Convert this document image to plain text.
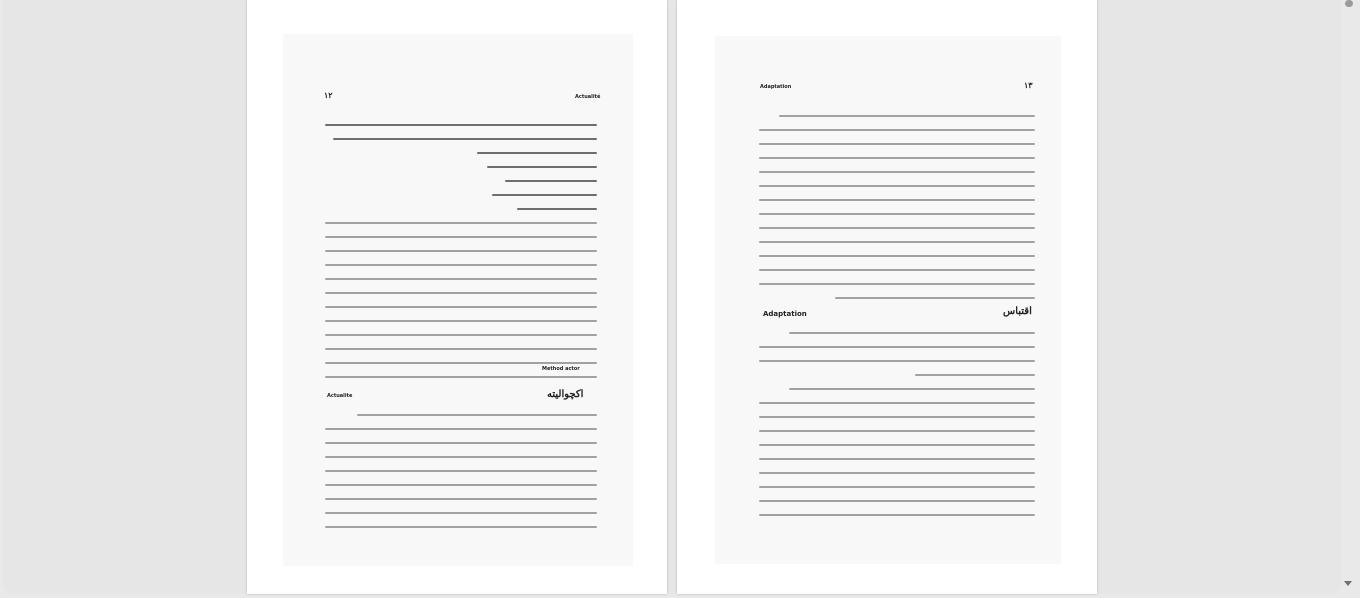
۱۲	Actualité
Method actor
اکچوالیته
Actualite
Adaptation	۱۳
اقتباس
Adaptation
